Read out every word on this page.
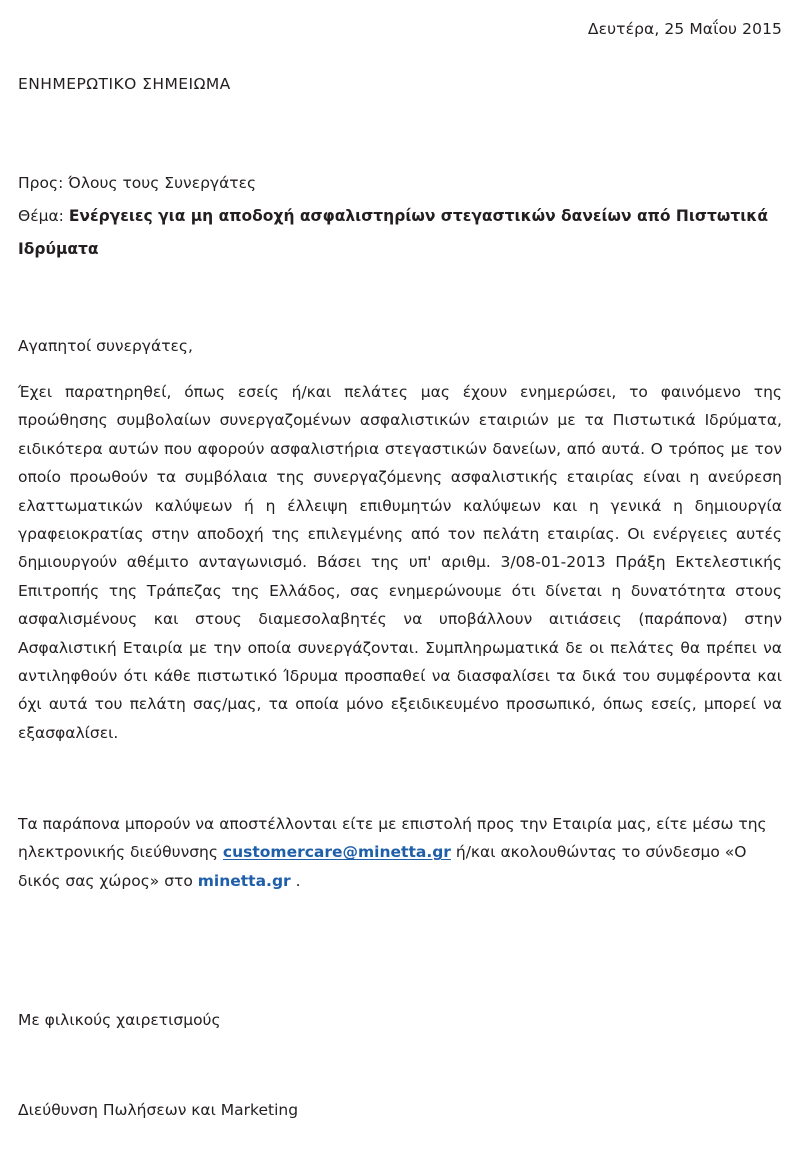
Δευτέρα, 25 Μαΐου 2015
ΕΝΗΜΕΡΩΤΙΚΟ ΣΗΜΕΙΩΜΑ
Προς: Όλους τους Συνεργάτες
Θέμα: Ενέργειες για μη αποδοχή ασφαλιστηρίων στεγαστικών δανείων από Πιστωτικά Ιδρύματα
Αγαπητοί συνεργάτες,

Έχει παρατηρηθεί, όπως εσείς ή/και πελάτες μας έχουν ενημερώσει, το φαινόμενο της προώθησης συμβολαίων συνεργαζομένων ασφαλιστικών εταιριών με τα Πιστωτικά Ιδρύματα, ειδικότερα αυτών που αφορούν ασφαλιστήρια στεγαστικών δανείων, από αυτά. Ο τρόπος με τον οποίο προωθούν τα συμβόλαια της συνεργαζόμενης ασφαλιστικής εταιρίας είναι η ανεύρεση ελαττωματικών καλύψεων ή η έλλειψη επιθυμητών καλύψεων και η γενικά η δημιουργία γραφειοκρατίας στην αποδοχή της επιλεγμένης από τον πελάτη εταιρίας. Οι ενέργειες αυτές δημιουργούν αθέμιτο ανταγωνισμό. Βάσει της υπ' αριθμ. 3/08-01-2013 Πράξη Εκτελεστικής Επιτροπής της Τράπεζας της Ελλάδος, σας ενημερώνουμε ότι δίνεται η δυνατότητα στους ασφαλισμένους και στους διαμεσολαβητές να υποβάλλουν αιτιάσεις (παράπονα) στην Ασφαλιστική Εταιρία με την οποία συνεργάζονται. Συμπληρωματικά δε οι πελάτες θα πρέπει να αντιληφθούν ότι κάθε πιστωτικό Ίδρυμα προσπαθεί να διασφαλίσει τα δικά του συμφέροντα και όχι αυτά του πελάτη σας/μας, τα οποία μόνο εξειδικευμένο προσωπικό, όπως εσείς, μπορεί να εξασφαλίσει.

Τα παράπονα μπορούν να αποστέλλονται είτε με επιστολή προς την Εταιρία μας, είτε μέσω της ηλεκτρονικής διεύθυνσης customercare@minetta.gr ή/και ακολουθώντας το σύνδεσμο «Ο δικός σας χώρος» στο minetta.gr .

Με φιλικούς χαιρετισμούς
Διεύθυνση Πωλήσεων και Marketing
